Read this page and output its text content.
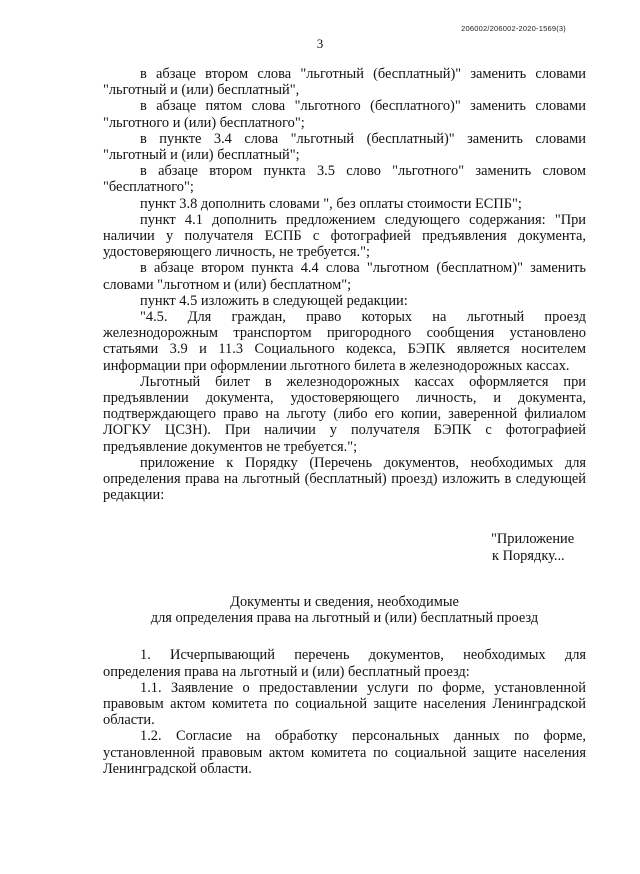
206002/206002-2020-1569(3)
3

в абзаце втором слова "льготный (бесплатный)" заменить словами "льготный и (или) бесплатный",

в абзаце пятом слова "льготного (бесплатного)" заменить словами "льготного и (или) бесплатного";

в пункте 3.4 слова "льготный (бесплатный)" заменить словами "льготный и (или) бесплатный";

в абзаце втором пункта 3.5 слово "льготного" заменить словом "бесплатного";

пункт 3.8 дополнить словами ", без оплаты стоимости ЕСПБ";

пункт 4.1 дополнить предложением следующего содержания: "При наличии у получателя ЕСПБ с фотографией предъявления документа, удостоверяющего личность, не требуется.";

в абзаце втором пункта 4.4 слова "льготном (бесплатном)" заменить словами "льготном и (или) бесплатном";

пункт 4.5 изложить в следующей редакции:

"4.5. Для граждан, право которых на льготный проезд железнодорожным транспортом пригородного сообщения установлено статьями 3.9 и 11.3 Социального кодекса, БЭПК является носителем информации при оформлении льготного билета в железнодорожных кассах.

Льготный билет в железнодорожных кассах оформляется при предъявлении документа, удостоверяющего личность, и документа, подтверждающего право на льготу (либо его копии, заверенной филиалом ЛОГКУ ЦСЗН). При наличии у получателя БЭПК с фотографией предъявление документов не требуется.";

приложение к Порядку (Перечень документов, необходимых для определения права на льготный (бесплатный) проезд) изложить в следующей редакции:

"Приложение
к Порядку...
Документы и сведения, необходимые
для определения права на льготный и (или) бесплатный проезд

1. Исчерпывающий перечень документов, необходимых для определения права на льготный и (или) бесплатный проезд:

1.1. Заявление о предоставлении услуги по форме, установленной правовым актом комитета по социальной защите населения Ленинградской области.

1.2. Согласие на обработку персональных данных по форме, установленной правовым актом комитета по социальной защите населения Ленинградской области.
